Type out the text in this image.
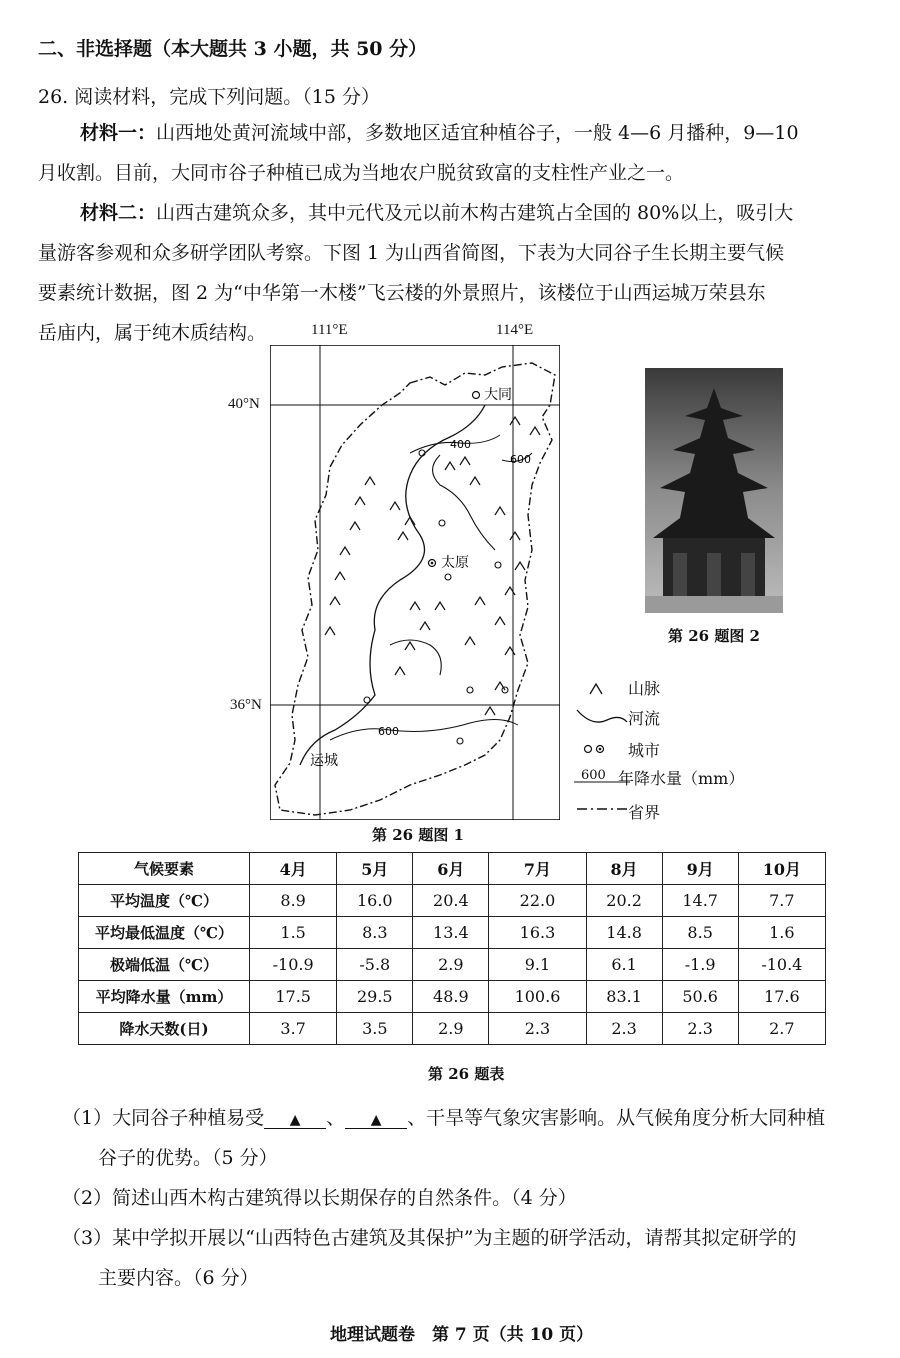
二、非选择题（本大题共 3 小题，共 50 分）
26. 阅读材料，完成下列问题。（15 分）
材料一：山西地处黄河流域中部，多数地区适宜种植谷子，一般 4—6 月播种，9—10
月收割。目前，大同市谷子种植已成为当地农户脱贫致富的支柱性产业之一。
材料二：山西古建筑众多，其中元代及元以前木构古建筑占全国的 80%以上，吸引大
量游客参观和众多研学团队考察。下图 1 为山西省简图，下表为大同谷子生长期主要气候
要素统计数据，图 2 为“中华第一木楼”飞云楼的外景照片，该楼位于山西运城万荣县东
岳庙内，属于纯木质结构。	111°E	114°E
40°N
36°N
大同
太原
运城
400
600
600
第 26 题图 1
第 26 题图 2
山脉
河流
城市
600 年降水量（mm）
省界
气候要素	4月	5月	6月	7月	8月	9月	10月
平均温度（℃）	8.9	16.0	20.4	22.0	20.2	14.7	7.7
平均最低温度（℃）	1.5	8.3	13.4	16.3	14.8	8.5	1.6
极端低温（℃）	-10.9	-5.8	2.9	9.1	6.1	-1.9	-10.4
平均降水量（mm）	17.5	29.5	48.9	100.6	83.1	50.6	17.6
降水天数(日)	3.7	3.5	2.9	2.3	2.3	2.3	2.7
第 26 题表
（1）大同谷子种植易受 ▲ 、 ▲ 、干旱等气象灾害影响。从气候角度分析大同种植
谷子的优势。（5 分）
（2）简述山西木构古建筑得以长期保存的自然条件。（4 分）
（3）某中学拟开展以“山西特色古建筑及其保护”为主题的研学活动，请帮其拟定研学的
主要内容。（6 分）
地理试题卷　第 7 页（共 10 页）
